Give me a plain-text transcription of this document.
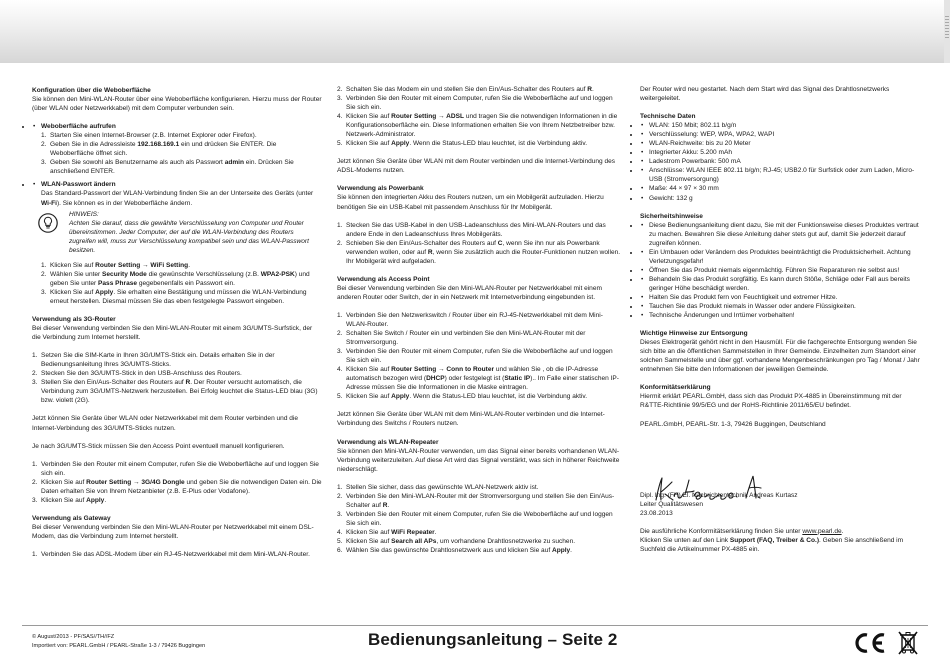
Konfiguration über die Weboberfläche

Sie können den Mini-WLAN-Router über eine Weboberfläche konfigurieren. Hierzu muss der Router (über WLAN oder Netzwerkkabel) mit dem Computer verbunden sein.

• • Weboberfläche aufrufen
1. Starten Sie einen Internet-Browser (z.B. Internet Explorer oder Firefox).
2. Geben Sie in die Adressleiste 192.168.169.1 ein und drücken Sie ENTER. Die Weboberfläche öffnet sich.
3. Geben Sie sowohl als Benutzername als auch als Passwort admin ein. Drücken Sie anschließend ENTER.
• • WLAN-Passwort ändern

Das Standard-Passwort der WLAN-Verbindung finden Sie an der Unterseite des Geräts (unter Wi-Fi). Sie können es in der Weboberfläche ändern.

HINWEIS:

Achten Sie darauf, dass die gewählte Verschlüsselung von Computer und Router übereinstimmen. Jeder Computer, der auf die WLAN-Verbindung des Routers zugreifen will, muss zur Verschlüsselung kompatibel sein und das WLAN-Passwort besitzen.

1. Klicken Sie auf Router Setting → WiFi Setting.
2. Wählen Sie unter Security Mode die gewünschte Verschlüsselung (z.B. WPA2-PSK) und geben Sie unter Pass Phrase gegebenenfalls ein Passwort ein.
3. Klicken Sie auf Apply. Sie erhalten eine Bestätigung und müssen die WLAN-Verbindung erneut herstellen. Diesmal müssen Sie das eben festgelegte Passwort eingeben.

Verwendung als 3G-Router

Bei dieser Verwendung verbinden Sie den Mini-WLAN-Router mit einem 3G/UMTS-Surfstick, der die Verbindung zum Internet herstellt.

1. Setzen Sie die SIM-Karte in Ihren 3G/UMTS-Stick ein. Details erhalten Sie in der Bedienungsanleitung Ihres 3G/UMTS-Sticks.
2. Stecken Sie den 3G/UMTS-Stick in den USB-Anschluss des Routers.
3. Stellen Sie den Ein/Aus-Schalter des Routers auf R. Der Router versucht automatisch, die Verbindung zum 3G/UMTS-Netzwerk herzustellen. Bei Erfolg leuchtet die Status-LED blau (3G) bzw. violett (2G).

Jetzt können Sie Geräte über WLAN oder Netzwerkkabel mit dem Router verbinden und die Internet-Verbindung des 3G/UMTS-Sticks nutzen.

Je nach 3G/UMTS-Stick müssen Sie den Access Point eventuell manuell konfigurieren.

1. Verbinden Sie den Router mit einem Computer, rufen Sie die Weboberfläche auf und loggen Sie sich ein.
2. Klicken Sie auf Router Setting → 3G/4G Dongle und geben Sie die notwendigen Daten ein. Die Daten erhalten Sie von Ihrem Netzanbieter (z.B. E-Plus oder Vodafone).
3. Klicken Sie auf Apply.

Verwendung als Gateway

Bei dieser Verwendung verbinden Sie den Mini-WLAN-Router per Netzwerkkabel mit einem DSL-Modem, das die Verbindung zum Internet herstellt.

1. Verbinden Sie das ADSL-Modem über ein RJ-45-Netzwerkkabel mit dem Mini-WLAN-Router.
2. Schalten Sie das Modem ein und stellen Sie den Ein/Aus-Schalter des Routers auf R.
3. Verbinden Sie den Router mit einem Computer, rufen Sie die Weboberfläche auf und loggen Sie sich ein.
4. Klicken Sie auf Router Setting → ADSL und tragen Sie die notwendigen Informationen in die Konfigurationsoberfläche ein. Diese Informationen erhalten Sie von Ihrem Netzbetreiber bzw. Netzwerk-Administrator.
5. Klicken Sie auf Apply. Wenn die Status-LED blau leuchtet, ist die Verbindung aktiv.

Jetzt können Sie Geräte über WLAN mit dem Router verbinden und die Internet-Verbindung des ADSL-Modems nutzen.

Verwendung als Powerbank

Sie können den integrierten Akku des Routers nutzen, um ein Mobilgerät aufzuladen. Hierzu benötigen Sie ein USB-Kabel mit passendem Anschluss für Ihr Mobilgerät.

1. Stecken Sie das USB-Kabel in den USB-Ladeanschluss des Mini-WLAN-Routers und das andere Ende in den Ladeanschluss Ihres Mobilgeräts.
2. Schieben Sie den Ein/Aus-Schalter des Routers auf C, wenn Sie ihn nur als Powerbank verwenden wollen, oder auf R, wenn Sie zusätzlich auch die Router-Funktionen nutzen wollen. Ihr Mobilgerät wird aufgeladen.

Verwendung als Access Point

Bei dieser Verwendung verbinden Sie den Mini-WLAN-Router per Netzwerkkabel mit einem anderen Router oder Switch, der in ein Netzwerk mit Internetverbindung eingebunden ist.

1. Verbinden Sie den Netzwerkswitch / Router über ein RJ-45-Netzwerkkabel mit dem Mini-WLAN-Router.
2. Schalten Sie Switch / Router ein und verbinden Sie den Mini-WLAN-Router mit der Stromversorgung.
3. Verbinden Sie den Router mit einem Computer, rufen Sie die Weboberfläche auf und loggen Sie sich ein.
4. Klicken Sie auf Router Setting → Conn to Router und wählen Sie , ob die IP-Adresse automatisch bezogen wird (DHCP) oder festgelegt ist (Static IP).. Im Falle einer statischen IP-Adresse müssen Sie die Informationen in die Maske eintragen.
5. Klicken Sie auf Apply. Wenn die Status-LED blau leuchtet, ist die Verbindung aktiv.

Jetzt können Sie Geräte über WLAN mit dem Mini-WLAN-Router verbinden und die Internet-Verbindung des Switchs / Routers nutzen.

Verwendung als WLAN-Repeater

Sie können den Mini-WLAN-Router verwenden, um das Signal einer bereits vorhandenen WLAN-Verbindung weiterzuleiten. Auf diese Art wird das Signal verstärkt, was sich in höherer Reichweite niederschlägt.

1. Stellen Sie sicher, dass das gewünschte WLAN-Netzwerk aktiv ist.
2. Verbinden Sie den Mini-WLAN-Router mit der Stromversorgung und stellen Sie den Ein/Aus-Schalter auf R.
3. Verbinden Sie den Router mit einem Computer, rufen Sie die Weboberfläche auf und loggen Sie sich ein.
4. Klicken Sie auf WiFi Repeater.
5. Klicken Sie auf Search all APs, um vorhandene Drahtlosnetzwerke zu suchen.
6. Wählen Sie das gewünschte Drahtlosnetzwerk aus und klicken Sie auf Apply.

Der Router wird neu gestartet. Nach dem Start wird das Signal des Drahtlosnetzwerks weitergeleitet.

Technische Daten

• • WLAN: 150 Mbit; 802.11 b/g/n
• • Verschlüsselung: WEP, WPA, WPA2, WAPI
• • WLAN-Reichweite: bis zu 20 Meter
• • Integrierter Akku: 5.200 mAh
• • Ladestrom Powerbank: 500 mA
• • Anschlüsse: WLAN IEEE 802.11 b/g/n; RJ-45; USB2.0 für Surfstick oder zum Laden, Micro-USB (Stromversorgung)
• • Maße: 44 × 97 × 30 mm
• • Gewicht: 132 g

Sicherheitshinweise

• • Diese Bedienungsanleitung dient dazu, Sie mit der Funktionsweise dieses Produktes vertraut zu machen. Bewahren Sie diese Anleitung daher stets gut auf, damit Sie jederzeit darauf zugreifen können.
• • Ein Umbauen oder Verändern des Produktes beeinträchtigt die Produktsicherheit. Achtung Verletzungsgefahr!
• • Öffnen Sie das Produkt niemals eigenmächtig. Führen Sie Reparaturen nie selbst aus!
• • Behandeln Sie das Produkt sorgfältig. Es kann durch Stöße, Schläge oder Fall aus bereits geringer Höhe beschädigt werden.
• • Halten Sie das Produkt fern von Feuchtigkeit und extremer Hitze.
• • Tauchen Sie das Produkt niemals in Wasser oder andere Flüssigkeiten.
• • Technische Änderungen und Irrtümer vorbehalten!

Wichtige Hinweise zur Entsorgung

Dieses Elektrogerät gehört nicht in den Hausmüll. Für die fachgerechte Entsorgung wenden Sie sich bitte an die öffentlichen Sammelstellen in Ihrer Gemeinde. Einzelheiten zum Standort einer solchen Sammelstelle und über ggf. vorhandene Mengenbeschränkungen pro Tag / Monat / Jahr entnehmen Sie bitte den Informationen der jeweiligen Gemeinde.

Konformitätserklärung

Hiermit erklärt PEARL.GmbH, dass sich das Produkt PX-4885 in Übereinstimmung mit der R&TTE-Richtlinie 99/5/EG und der RoHS-Richtlinie 2011/65/EU befindet.

PEARL.GmbH, PEARL-Str. 1-3, 79426 Buggingen, Deutschland

Dipl. Ing. (FH) El. Nachrichtentechnik Andreas Kurtasz

Leiter Qualitätswesen

23.08.2013

Die ausführliche Konformitätserklärung finden Sie unter www.pearl.de.

Klicken Sie unten auf den Link Support (FAQ, Treiber & Co.). Geben Sie anschließend im Suchfeld die Artikelnummer PX-4885 ein.

© August/2013 - PF/SAS//TH//FZ

Importiert von: PEARL.GmbH / PEARL-Straße 1-3 / 79426 Buggingen	Bedienungsanleitung – Seite 2
